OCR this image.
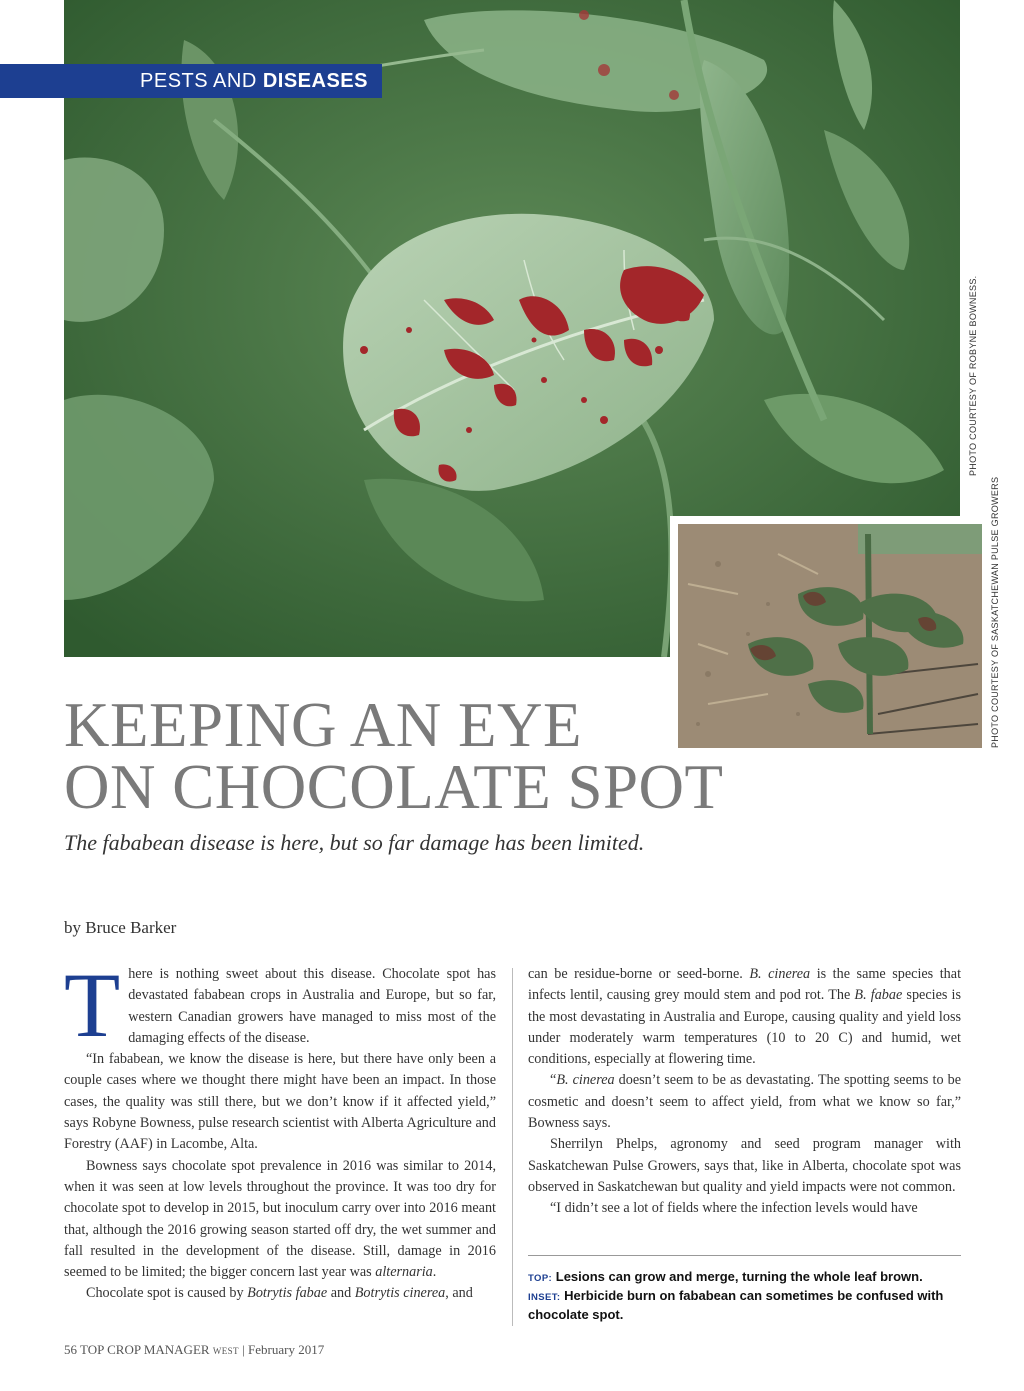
PESTS AND DISEASES
PHOTO COURTESY OF ROBYNE BOWNESS.
PHOTO COURTESY OF SASKATCHEWAN PULSE GROWERS
KEEPING AN EYE
ON CHOCOLATE SPOT
The fababean disease is here, but so far damage has been limited.
by Bruce Barker

There is nothing sweet about this disease. Chocolate spot has devastated fababean crops in Australia and Europe, but so far, western Canadian growers have managed to miss most of the damaging effects of the disease.

“In fababean, we know the disease is here, but there have only been a couple cases where we thought there might have been an impact. In those cases, the quality was still there, but we don’t know if it affected yield,” says Robyne Bowness, pulse research scientist with Alberta Agriculture and Forestry (AAF) in Lacombe, Alta.

Bowness says chocolate spot prevalence in 2016 was similar to 2014, when it was seen at low levels throughout the province. It was too dry for chocolate spot to develop in 2015, but inoculum carry over into 2016 meant that, although the 2016 growing season started off dry, the wet summer and fall resulted in the development of the disease. Still, damage in 2016 seemed to be limited; the bigger concern last year was alternaria.

Chocolate spot is caused by Botrytis fabae and Botrytis cinerea, and

can be residue-borne or seed-borne. B. cinerea is the same species that infects lentil, causing grey mould stem and pod rot. The B. fabae species is the most devastating in Australia and Europe, causing quality and yield loss under moderately warm temperatures (10 to 20 C) and humid, wet conditions, especially at flowering time.

“B. cinerea doesn’t seem to be as devastating. The spotting seems to be cosmetic and doesn’t seem to affect yield, from what we know so far,” Bowness says.

Sherrilyn Phelps, agronomy and seed program manager with Saskatchewan Pulse Growers, says that, like in Alberta, chocolate spot was observed in Saskatchewan but quality and yield impacts were not common.

“I didn’t see a lot of fields where the infection levels would have

TOP: Lesions can grow and merge, turning the whole leaf brown.
INSET: Herbicide burn on fababean can sometimes be confused with chocolate spot.
56 TOP CROP MANAGER WEST | February 2017
